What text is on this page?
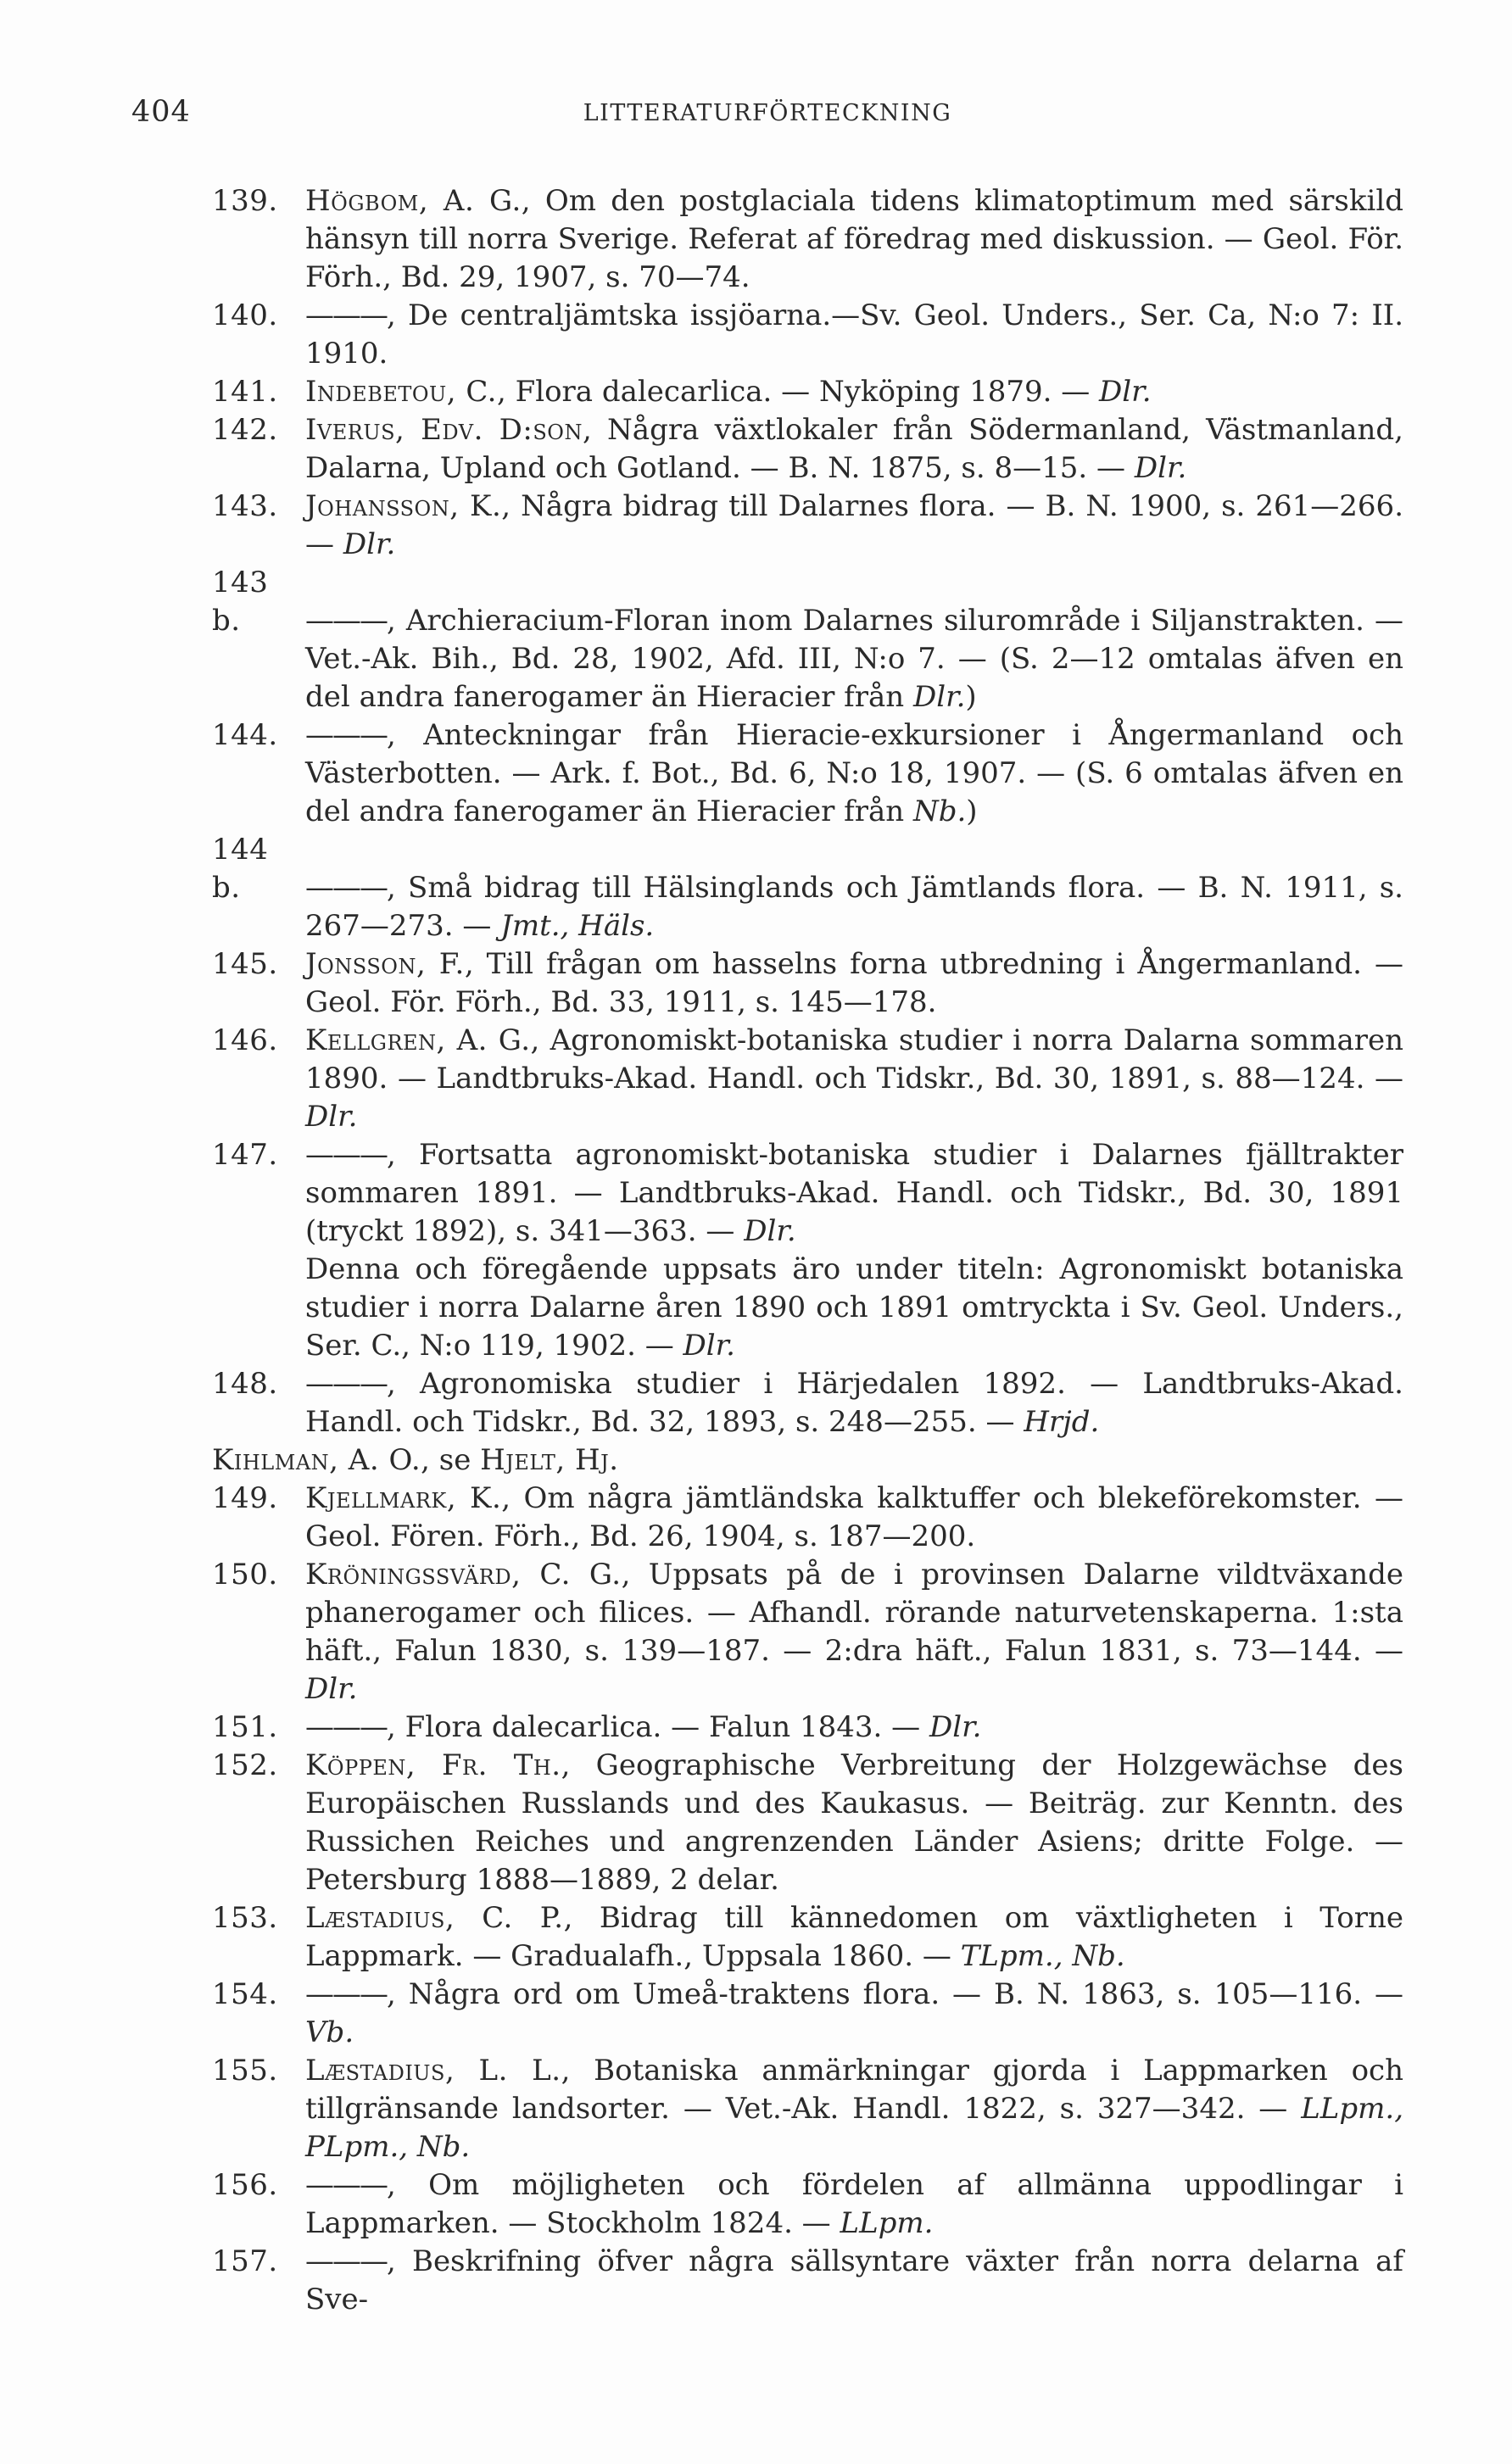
404	LITTERATURFÖRTECKNING
139. Högbom, A. G., Om den postglaciala tidens klimatoptimum med särskild hänsyn till norra Sverige. Referat af föredrag med diskussion. — Geol. För. Förh., Bd. 29, 1907, s. 70—74.
140. ———, De centraljämtska issjöarna.—Sv. Geol. Unders., Ser. Ca, N:o 7: II. 1910.
141. Indebetou, C., Flora dalecarlica. — Nyköping 1879. — Dlr.
142. Iverus, Edv. D:son, Några växtlokaler från Södermanland, Västmanland, Dalarna, Upland och Gotland. — B. N. 1875, s. 8—15. — Dlr.
143. Johansson, K., Några bidrag till Dalarnes flora. — B. N. 1900, s. 261—266. — Dlr.
143 b. ———, Archieracium-Floran inom Dalarnes silurområde i Siljanstrakten. — Vet.-Ak. Bih., Bd. 28, 1902, Afd. III, N:o 7. — (S. 2—12 omtalas äfven en del andra fanerogamer än Hieracier från Dlr.)
144. ———, Anteckningar från Hieracie-exkursioner i Ångermanland och Västerbotten. — Ark. f. Bot., Bd. 6, N:o 18, 1907. — (S. 6 omtalas äfven en del andra fanerogamer än Hieracier från Nb.)
144 b. ———, Små bidrag till Hälsinglands och Jämtlands flora. — B. N. 1911, s. 267—273. — Jmt., Häls.
145. Jonsson, F., Till frågan om hasselns forna utbredning i Ångermanland. — Geol. För. Förh., Bd. 33, 1911, s. 145—178.
146. Kellgren, A. G., Agronomiskt-botaniska studier i norra Dalarna sommaren 1890. — Landtbruks-Akad. Handl. och Tidskr., Bd. 30, 1891, s. 88—124. — Dlr.
147. ———, Fortsatta agronomiskt-botaniska studier i Dalarnes fjälltrakter sommaren 1891. — Landtbruks-Akad. Handl. och Tidskr., Bd. 30, 1891 (tryckt 1892), s. 341—363. — Dlr.
Denna och föregående uppsats äro under titeln: Agronomiskt botaniska studier i norra Dalarne åren 1890 och 1891 omtryckta i Sv. Geol. Unders., Ser. C., N:o 119, 1902. — Dlr.
148. ———, Agronomiska studier i Härjedalen 1892. — Landtbruks-Akad. Handl. och Tidskr., Bd. 32, 1893, s. 248—255. — Hrjd.
Kihlman, A. O., se Hjelt, Hj.
149. Kjellmark, K., Om några jämtländska kalktuffer och blekeförekomster. — Geol. Fören. Förh., Bd. 26, 1904, s. 187—200.
150. Kröningssvärd, C. G., Uppsats på de i provinsen Dalarne vildtväxande phanerogamer och filices. — Afhandl. rörande naturvetenskaperna. 1:sta häft., Falun 1830, s. 139—187. — 2:dra häft., Falun 1831, s. 73—144. —Dlr.
151. ———, Flora dalecarlica. — Falun 1843. — Dlr.
152. Köppen, Fr. Th., Geographische Verbreitung der Holzgewächse des Europäischen Russlands und des Kaukasus. — Beiträg. zur Kenntn. des Russichen Reiches und angrenzenden Länder Asiens; dritte Folge. — Petersburg 1888—1889, 2 delar.
153. Læstadius, C. P., Bidrag till kännedomen om växtligheten i Torne Lappmark. — Gradualafh., Uppsala 1860. — TLpm., Nb.
154. ———, Några ord om Umeå-traktens flora. — B. N. 1863, s. 105—116. — Vb.
155. Læstadius, L. L., Botaniska anmärkningar gjorda i Lappmarken och tillgränsande landsorter. — Vet.-Ak. Handl. 1822, s. 327—342. — LLpm., PLpm., Nb.
156. ———, Om möjligheten och fördelen af allmänna uppodlingar i Lappmarken. — Stockholm 1824. — LLpm.
157. ———, Beskrifning öfver några sällsyntare växter från norra delarna af Sve-
